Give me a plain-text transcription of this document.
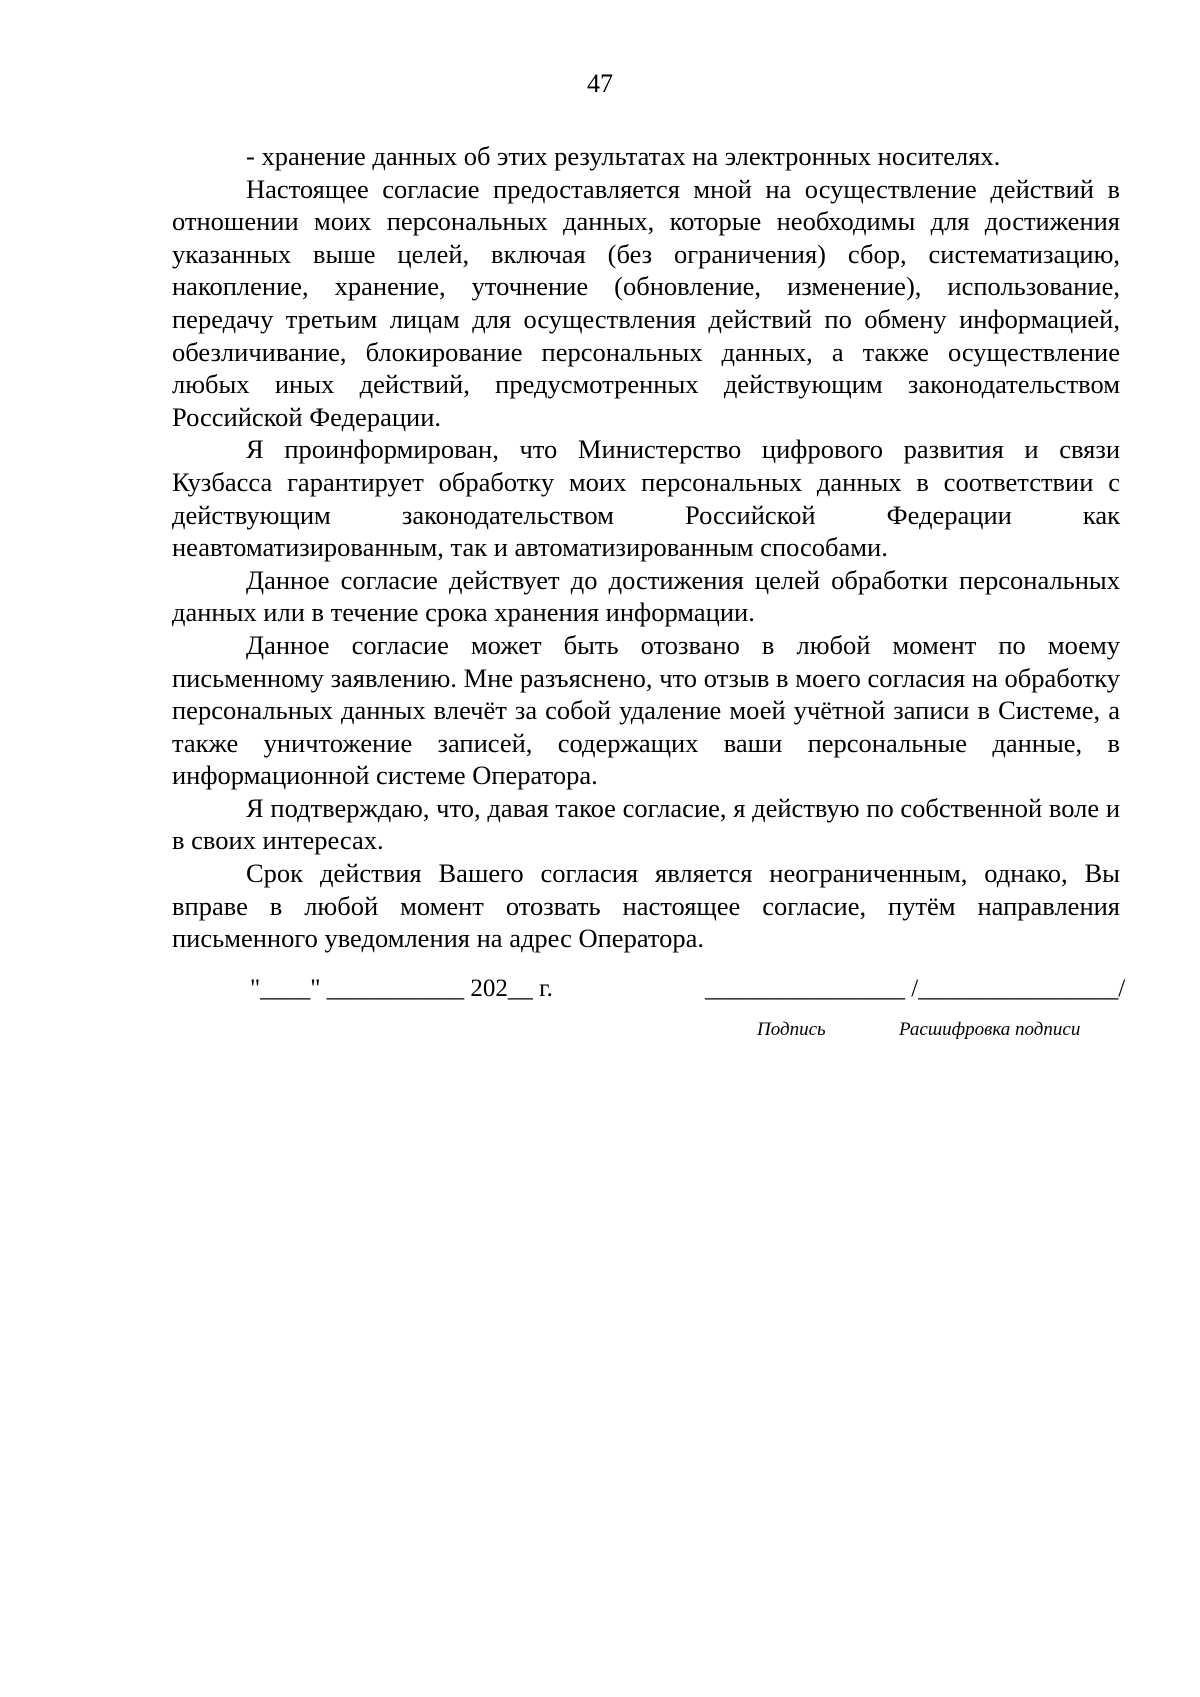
47

- хранение данных об этих результатах на электронных носителях.

Настоящее согласие предоставляется мной на осуществление действий в отношении моих персональных данных, которые необходимы для достижения указанных выше целей, включая (без ограничения) сбор, систематизацию, накопление, хранение, уточнение (обновление, изменение), использование, передачу третьим лицам для осуществления действий по обмену информацией, обезличивание, блокирование персональных данных, а также осуществление любых иных действий, предусмотренных действующим законодательством Российской Федерации.

Я проинформирован, что Министерство цифрового развития и связи Кузбасса гарантирует обработку моих персональных данных в соответствии с действующим законодательством Российской Федерации как неавтоматизированным, так и автоматизированным способами.

Данное согласие действует до достижения целей обработки персональных данных или в течение срока хранения информации.

Данное согласие может быть отозвано в любой момент по моему письменному заявлению. Мне разъяснено, что отзыв в моего согласия на обработку персональных данных влечёт за собой удаление моей учётной записи в Системе, а также уничтожение записей, содержащих ваши персональные данные, в информационной системе Оператора.

Я подтверждаю, что, давая такое согласие, я действую по собственной воле и в своих интересах.

Срок действия Вашего согласия является неограниченным, однако, Вы вправе в любой момент отозвать настоящее согласие, путём направления письменного уведомления на адрес Оператора.

"____" ___________ 202__ г.	________________ /________________/
Подпись	Расшифровка подписи
